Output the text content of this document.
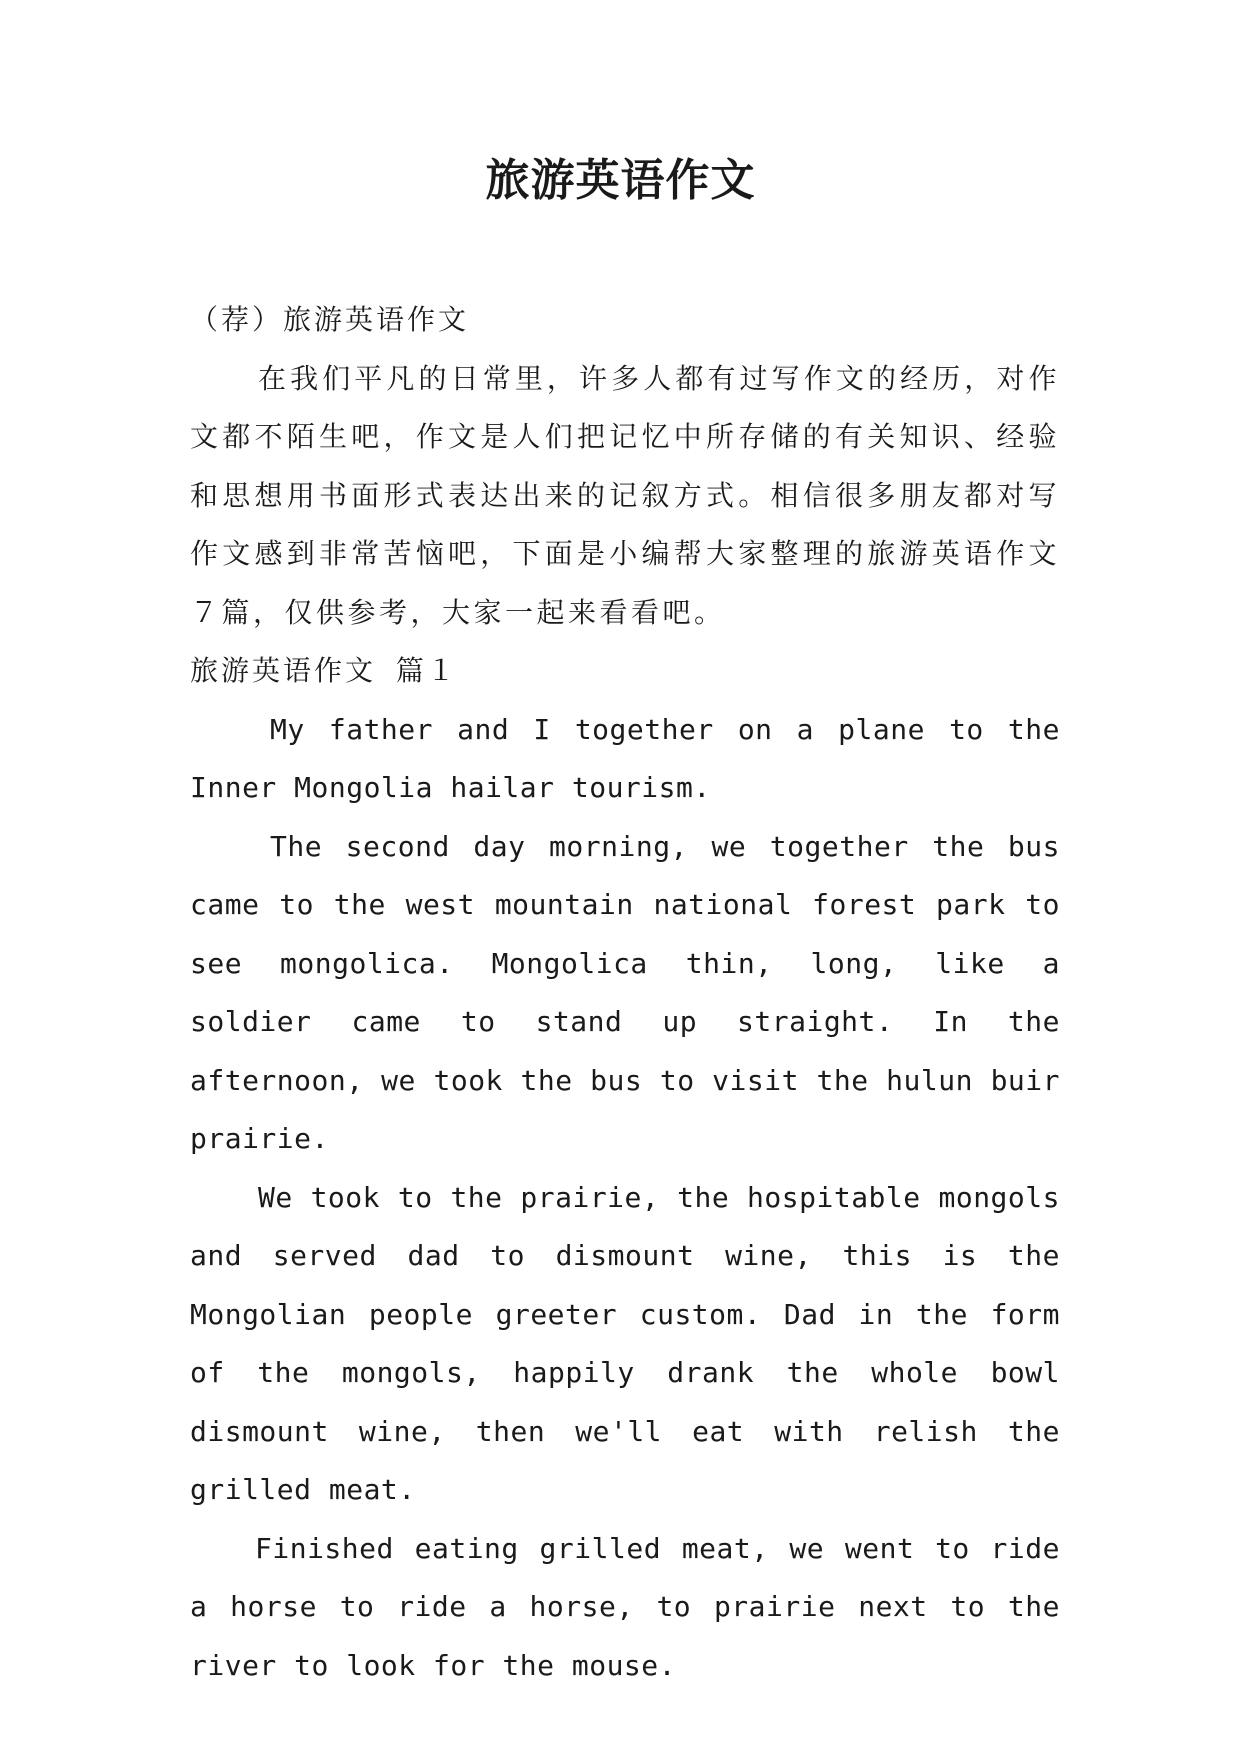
旅游英语作文

（荐）旅游英语作文

在我们平凡的日常里，许多人都有过写作文的经历，对作文都不陌生吧，作文是人们把记忆中所存储的有关知识、经验和思想用书面形式表达出来的记叙方式。相信很多朋友都对写作文感到非常苦恼吧，下面是小编帮大家整理的旅游英语作文７篇，仅供参考，大家一起来看看吧。

旅游英语作文 篇１

My father and I together on a plane to the Inner Mongolia hailar tourism.

The second day morning, we together the bus came to the west mountain national forest park to see mongolica. Mongolica thin, long, like a soldier came to stand up straight. In the afternoon, we took the bus to visit the hulun buir prairie.

We took to the prairie, the hospitable mongols and served dad to dismount wine, this is the Mongolian people greeter custom. Dad in the form of the mongols, happily drank the whole bowl dismount wine, then we'll eat with relish the grilled meat.

Finished eating grilled meat, we went to ride a horse to ride a horse, to prairie next to the river to look for the mouse.
